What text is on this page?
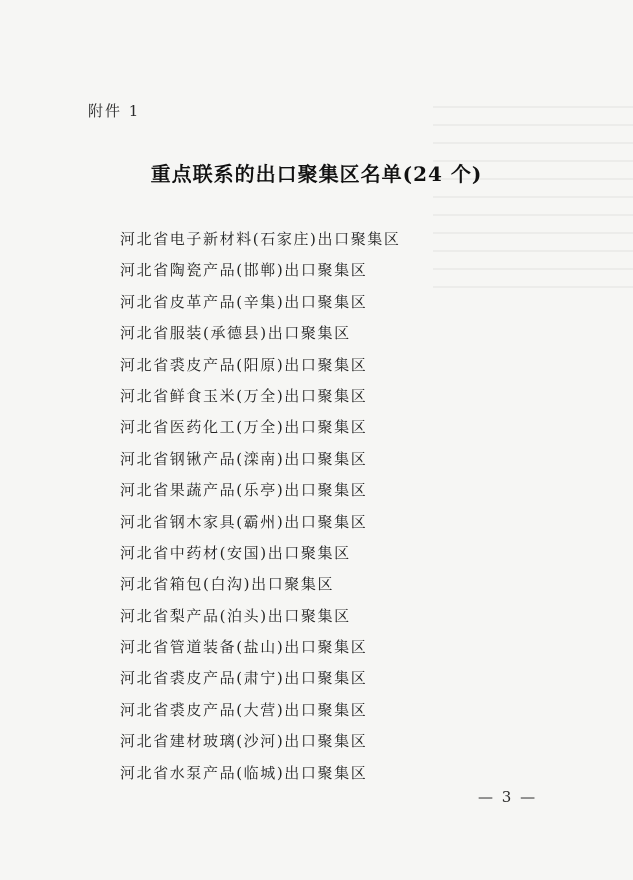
附件 1
重点联系的出口聚集区名单(24 个)
河北省电子新材料(石家庄)出口聚集区
河北省陶瓷产品(邯郸)出口聚集区
河北省皮革产品(辛集)出口聚集区
河北省服装(承德县)出口聚集区
河北省裘皮产品(阳原)出口聚集区
河北省鲜食玉米(万全)出口聚集区
河北省医药化工(万全)出口聚集区
河北省钢锹产品(滦南)出口聚集区
河北省果蔬产品(乐亭)出口聚集区
河北省钢木家具(霸州)出口聚集区
河北省中药材(安国)出口聚集区
河北省箱包(白沟)出口聚集区
河北省梨产品(泊头)出口聚集区
河北省管道装备(盐山)出口聚集区
河北省裘皮产品(肃宁)出口聚集区
河北省裘皮产品(大营)出口聚集区
河北省建材玻璃(沙河)出口聚集区
河北省水泵产品(临城)出口聚集区
— 3 —
